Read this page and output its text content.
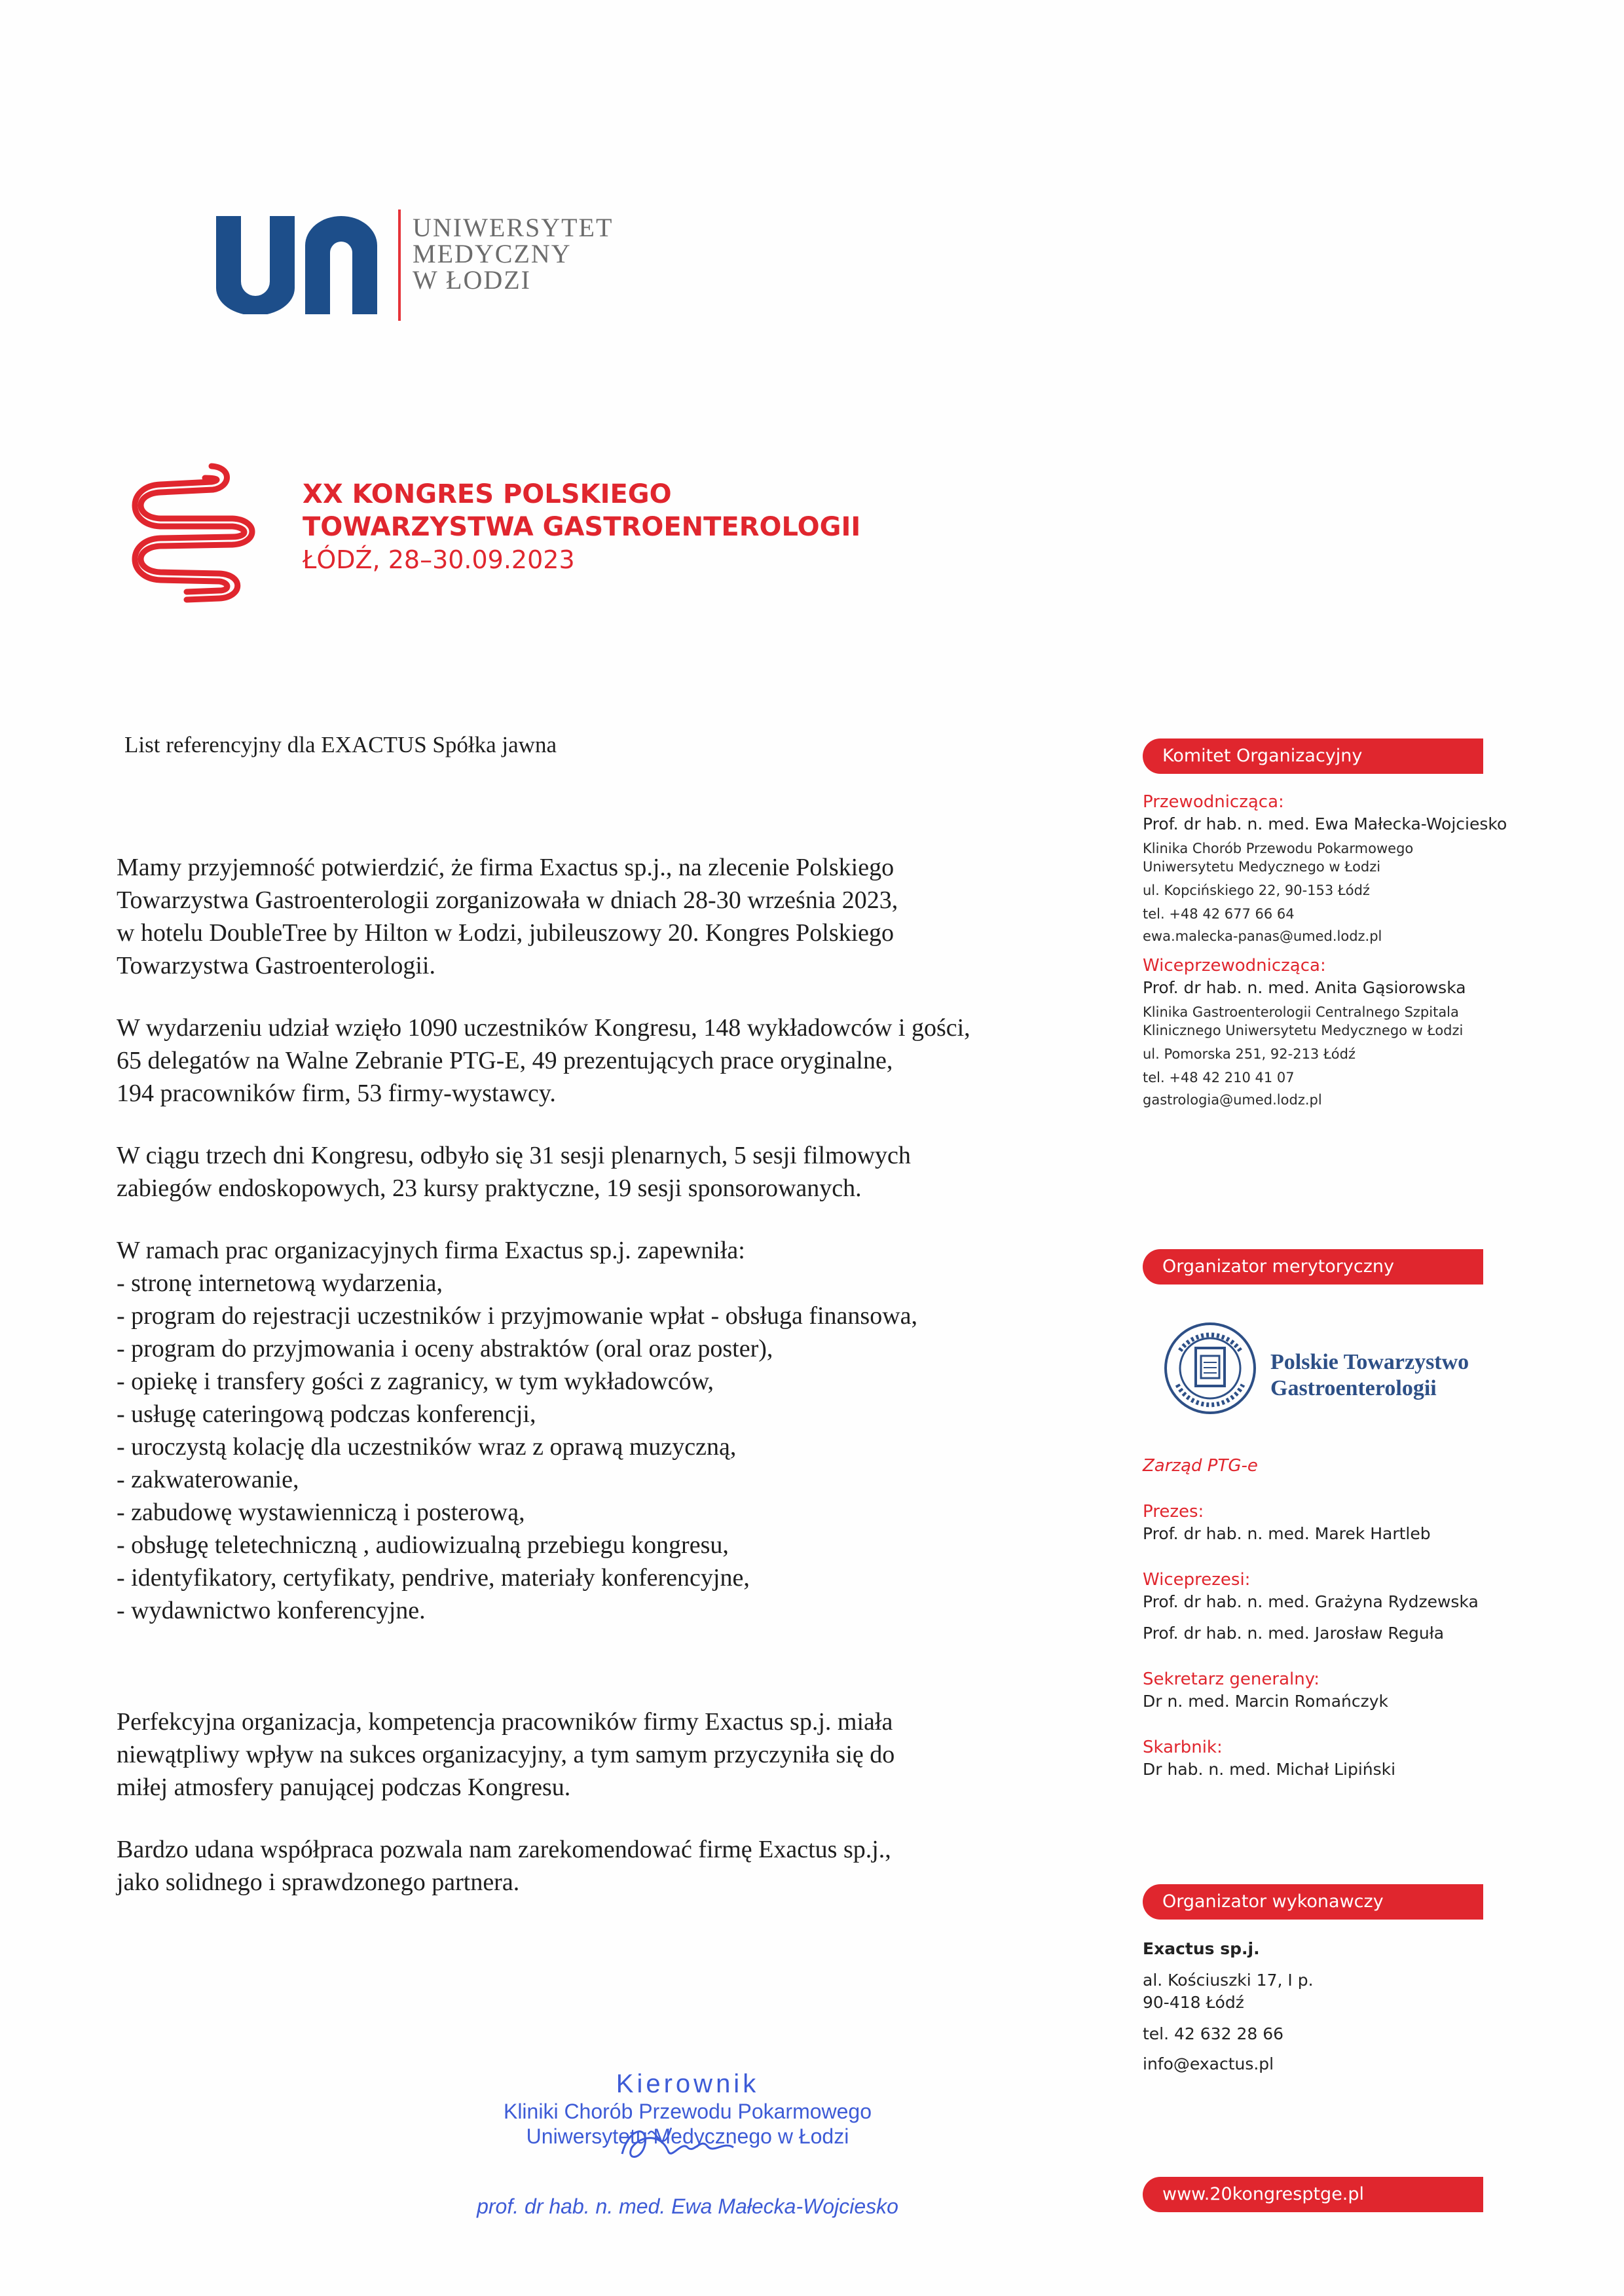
UNIWERSYTET
MEDYCZNY
W ŁODZI
XX KONGRES POLSKIEGO
TOWARZYSTWA GASTROENTEROLOGII
ŁÓDŹ, 28–30.09.2023
List referencyjny dla EXACTUS Spółka jawna

Mamy przyjemność potwierdzić, że firma Exactus sp.j., na zlecenie Polskiego
Towarzystwa Gastroenterologii zorganizowała w dniach 28-30 września 2023,
w hotelu DoubleTree by Hilton w Łodzi, jubileuszowy 20. Kongres Polskiego
Towarzystwa Gastroenterologii.

W wydarzeniu udział wzięło 1090 uczestników Kongresu, 148 wykładowców i gości,
65 delegatów na Walne Zebranie PTG-E, 49 prezentujących prace oryginalne,
194 pracowników firm, 53 firmy-wystawcy.

W ciągu trzech dni Kongresu, odbyło się 31 sesji plenarnych, 5 sesji filmowych
zabiegów endoskopowych, 23 kursy praktyczne, 19 sesji sponsorowanych.

W ramach prac organizacyjnych firma Exactus sp.j. zapewniła:
- stronę internetową wydarzenia,
- program do rejestracji uczestników i przyjmowanie wpłat - obsługa finansowa,
- program do przyjmowania i oceny abstraktów (oral oraz poster),
- opiekę i transfery gości z zagranicy, w tym wykładowców,
- usługę cateringową podczas konferencji,
- uroczystą kolację dla uczestników wraz z oprawą muzyczną,
- zakwaterowanie,
- zabudowę wystawienniczą i posterową,
- obsługę teletechniczną , audiowizualną przebiegu kongresu,
- identyfikatory, certyfikaty, pendrive, materiały konferencyjne,
- wydawnictwo konferencyjne.

Perfekcyjna organizacja, kompetencja pracowników firmy Exactus sp.j. miała
niewątpliwy wpływ na sukces organizacyjny, a tym samym przyczyniła się do
miłej atmosfery panującej podczas Kongresu.

Bardzo udana współpraca pozwala nam zarekomendować firmę Exactus sp.j.,
jako solidnego i sprawdzonego partnera.

Kierownik
Kliniki Chorób Przewodu Pokarmowego
Uniwersytetu Medycznego w Łodzi
prof. dr hab. n. med. Ewa Małecka-Wojciesko
Komitet Organizacyjny
Przewodnicząca:
Prof. dr hab. n. med. Ewa Małecka-Wojciesko
Klinika Chorób Przewodu Pokarmowego
Uniwersytetu Medycznego w Łodzi
ul. Kopcińskiego 22, 90-153 Łódź
tel. +48 42 677 66 64
ewa.malecka-panas@umed.lodz.pl
Wiceprzewodnicząca:
Prof. dr hab. n. med. Anita Gąsiorowska
Klinika Gastroenterologii Centralnego Szpitala
Klinicznego Uniwersytetu Medycznego w Łodzi
ul. Pomorska 251, 92-213 Łódź
tel. +48 42 210 41 07
gastrologia@umed.lodz.pl
Organizator merytoryczny
Polskie Towarzystwo
Gastroenterologii
Zarząd PTG-e
Prezes:
Prof. dr hab. n. med. Marek Hartleb
Wiceprezesi:
Prof. dr hab. n. med. Grażyna Rydzewska
Prof. dr hab. n. med. Jarosław Reguła
Sekretarz generalny:
Dr n. med. Marcin Romańczyk
Skarbnik:
Dr hab. n. med. Michał Lipiński
Organizator wykonawczy
Exactus sp.j.
al. Kościuszki 17, I p.
90-418 Łódź
tel. 42 632 28 66
info@exactus.pl
www.20kongresptge.pl
